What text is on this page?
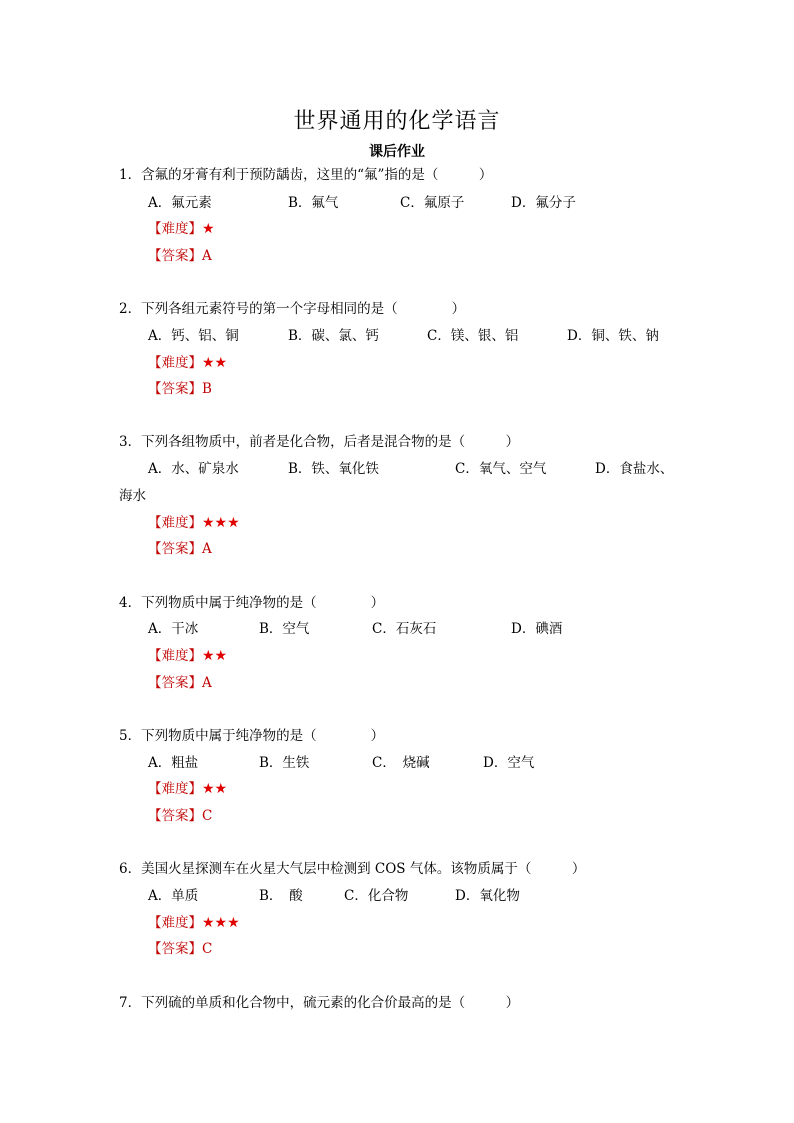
世界通用的化学语言
课后作业
1．含氟的牙膏有利于预防龋齿，这里的“氟”指的是（　　　）
A．氟元素	B．氟气	C．氟原子	D．氟分子
【难度】★
【答案】A
2．下列各组元素符号的第一个字母相同的是（　　　　）
A．钙、铝、铜	B．碳、氯、钙	C．镁、银、铝	D．铜、铁、钠
【难度】★★
【答案】B
3．下列各组物质中，前者是化合物，后者是混合物的是（　　　）
A．水、矿泉水	B．铁、氧化铁	C．氧气、空气	D．食盐水、
海水
【难度】★★★
【答案】A
4．下列物质中属于纯净物的是（　　　　）
A．干冰	B．空气	C．石灰石	D．碘酒
【难度】★★
【答案】A
5．下列物质中属于纯净物的是（　　　　）
A．粗盐	B．生铁	C．　烧碱	D．空气
【难度】★★
【答案】C
6．美国火星探测车在火星大气层中检测到 COS 气体。该物质属于（　　　）
A．单质	B．　酸	C．化合物	D．氧化物
【难度】★★★
【答案】C
7．下列硫的单质和化合物中，硫元素的化合价最高的是（　　　）
